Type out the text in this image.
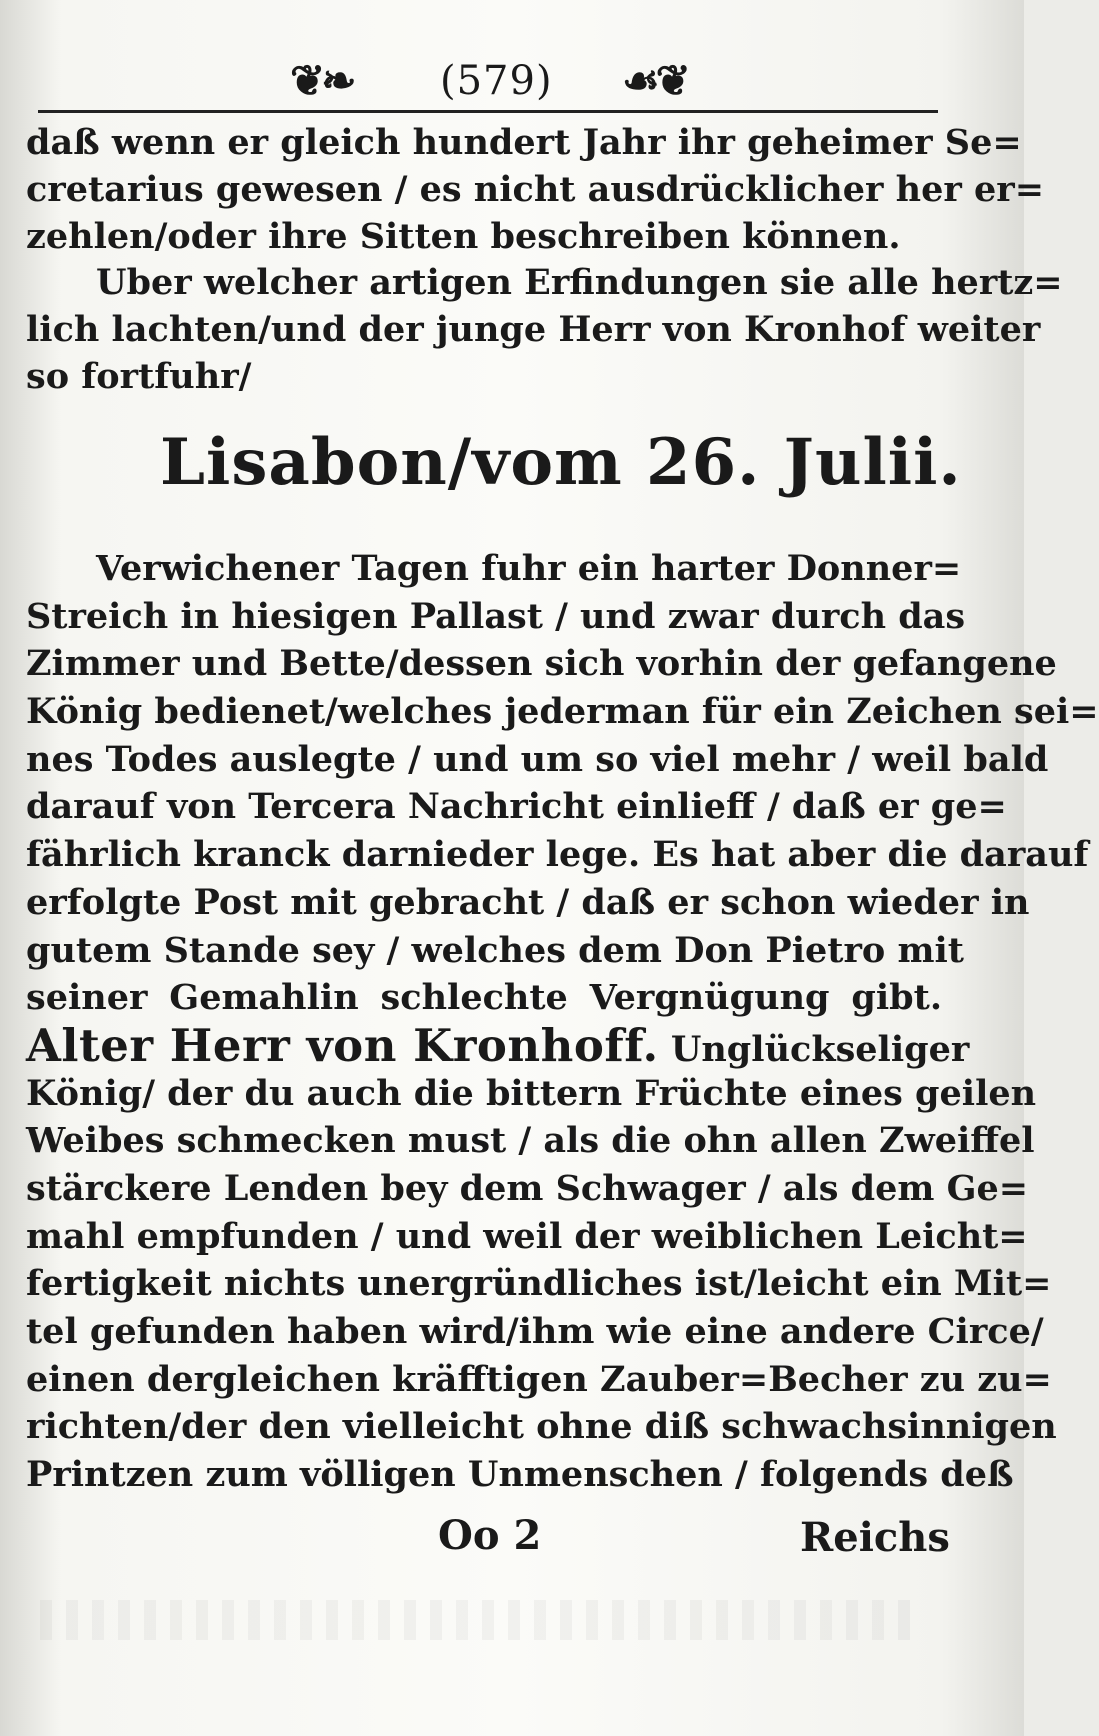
❦❧ (579) ☙❦
daß wenn er gleich hundert Jahr ihr geheimer Se=
cretarius gewesen / es nicht ausdrücklicher her er=
zehlen/oder ihre Sitten beschreiben können.
Uber welcher artigen Erfindungen sie alle hertz=
lich lachten/und der junge Herr von Kronhof weiter
so fortfuhr/
Lisabon/vom 26. Julii.
Verwichener Tagen fuhr ein harter Donner=
Streich in hiesigen Pallast / und zwar durch das
Zimmer und Bette/dessen sich vorhin der gefangene
König bedienet/welches jederman für ein Zeichen sei=
nes Todes auslegte / und um so viel mehr / weil bald
darauf von Tercera Nachricht einlieff / daß er ge=
fährlich kranck darnieder lege. Es hat aber die darauf
erfolgte Post mit gebracht / daß er schon wieder in
gutem Stande sey / welches dem Don Pietro mit
seiner Gemahlin schlechte Vergnügung gibt.
Alter Herr von Kronhoff. Unglückseliger
König/ der du auch die bittern Früchte eines geilen
Weibes schmecken must / als die ohn allen Zweiffel
stärckere Lenden bey dem Schwager / als dem Ge=
mahl empfunden / und weil der weiblichen Leicht=
fertigkeit nichts unergründliches ist/leicht ein Mit=
tel gefunden haben wird/ihm wie eine andere Circe/
einen dergleichen kräfftigen Zauber=Becher zu zu=
richten/der den vielleicht ohne diß schwachsinnigen
Printzen zum völligen Unmenschen / folgends deß
Oo 2	Reichs
